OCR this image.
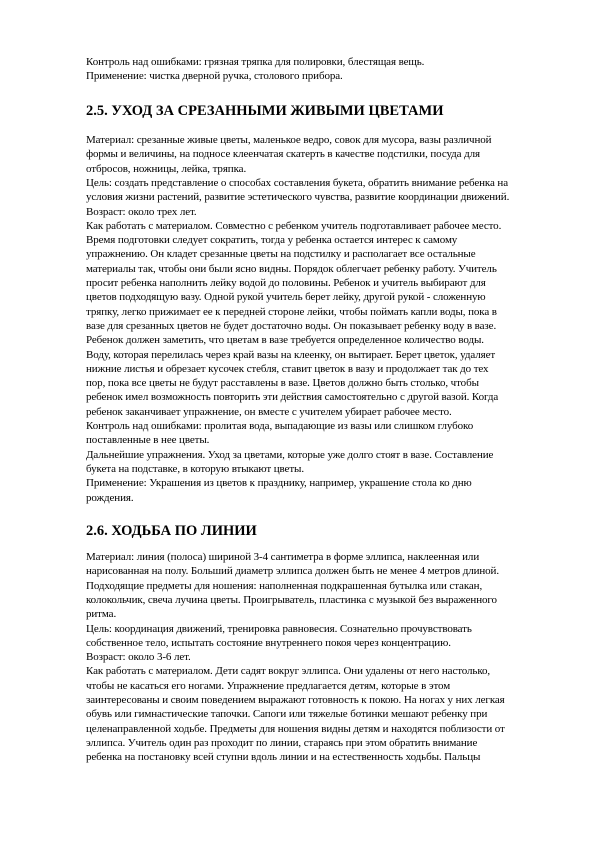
Контроль над ошибками: грязная тряпка для полировки, блестящая вещь.
Применение: чистка дверной ручка, столового прибора.
2.5. УХОД ЗА СРЕЗАННЫМИ ЖИВЫМИ ЦВЕТАМИ
Материал: срезанные живые цветы, маленькое ведро, совок для мусора, вазы различной
формы и величины, на подносе клеенчатая скатерть в качестве подстилки, посуда для
отбросов, ножницы, лейка, тряпка.
Цель: создать представление о способах составления букета, обратить внимание ребенка на
условия жизни растений, развитие эстетического чувства, развитие координации движений.
Возраст: около трех лет.
Как работать с материалом. Совместно с ребенком учитель подготавливает рабочее место.
Время подготовки следует сократить, тогда у ребенка остается интерес к самому
упражнению. Он кладет срезанные цветы на подстилку и располагает все остальные
материалы так, чтобы они были ясно видны. Порядок облегчает ребенку работу. Учитель
просит ребенка наполнить лейку водой до половины. Ребенок и учитель выбирают для
цветов подходящую вазу. Одной рукой учитель берет лейку, другой рукой - сложенную
тряпку, легко прижимает ее к передней стороне лейки, чтобы поймать капли воды, пока в
вазе для срезанных цветов не будет достаточно воды. Он показывает ребенку воду в вазе.
Ребенок должен заметить, что цветам в вазе требуется определенное количество воды.
Воду, которая перелилась через край вазы на клеенку, он вытирает. Берет цветок, удаляет
нижние листья и обрезает кусочек стебля, ставит цветок в вазу и продолжает так до тех
пор, пока все цветы не будут расставлены в вазе. Цветов должно быть столько, чтобы
ребенок имел возможность повторить эти действия самостоятельно с другой вазой. Когда
ребенок заканчивает упражнение, он вместе с учителем убирает рабочее место.
Контроль над ошибками: пролитая вода, выпадающие из вазы или слишком глубоко
поставленные в нее цветы.
Дальнейшие упражнения. Уход за цветами, которые уже долго стоят в вазе. Составление
букета на подставке, в которую втыкают цветы.
Применение: Украшения из цветов к празднику, например, украшение стола ко дню
рождения.
2.6. ХОДЬБА ПО ЛИНИИ
Материал: линия (полоса) шириной 3-4 сантиметра в форме эллипса, наклеенная или
нарисованная на полу. Больший диаметр эллипса должен быть не менее 4 метров длиной.
Подходящие предметы для ношения: наполненная подкрашенная бутылка или стакан,
колокольчик, свеча лучина цветы. Проигрыватель, пластинка с музыкой без выраженного
ритма.
Цель: координация движений, тренировка равновесия. Сознательно прочувствовать
собственное тело, испытать состояние внутреннего покоя через концентрацию.
Возраст: около 3-6 лет.
Как работать с материалом. Дети садят вокруг эллипса. Они удалены от него настолько,
чтобы не касаться его ногами. Упражнение предлагается детям, которые в этом
заинтересованы и своим поведением выражают готовность к покою. На ногах у них легкая
обувь или гимнастические тапочки. Сапоги или тяжелые ботинки мешают ребенку при
целенаправленной ходьбе. Предметы для ношения видны детям и находятся поблизости от
эллипса. Учитель один раз проходит по линии, стараясь при этом обратить внимание
ребенка на постановку всей ступни вдоль линии и на естественность ходьбы. Пальцы
